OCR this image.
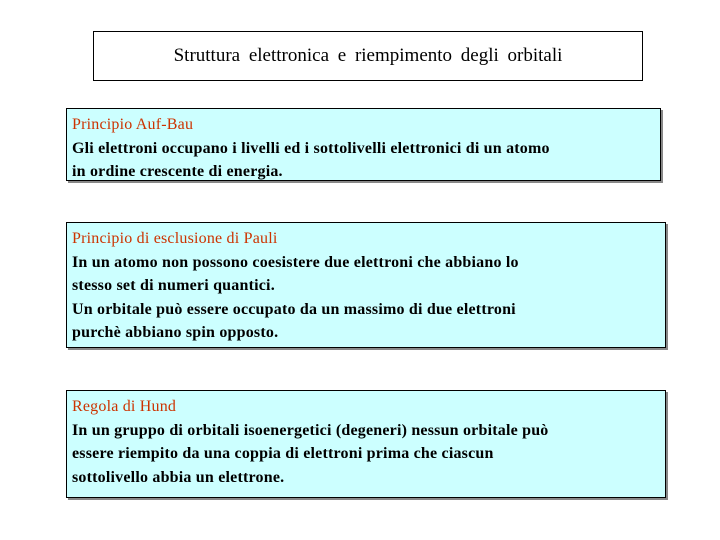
Struttura elettronica e riempimento degli orbitali
Principio Auf-Bau
Gli elettroni occupano i livelli ed i sottolivelli elettronici di un atomo
in ordine crescente di energia.
Principio di esclusione di Pauli
In un atomo non possono coesistere due elettroni che abbiano lo
stesso set di numeri quantici.
Un orbitale può essere occupato da un massimo di due elettroni
purchè abbiano spin opposto.
Regola di Hund
In un gruppo di orbitali isoenergetici (degeneri) nessun orbitale può
essere riempito da una coppia di elettroni prima che ciascun
sottolivello abbia un elettrone.
